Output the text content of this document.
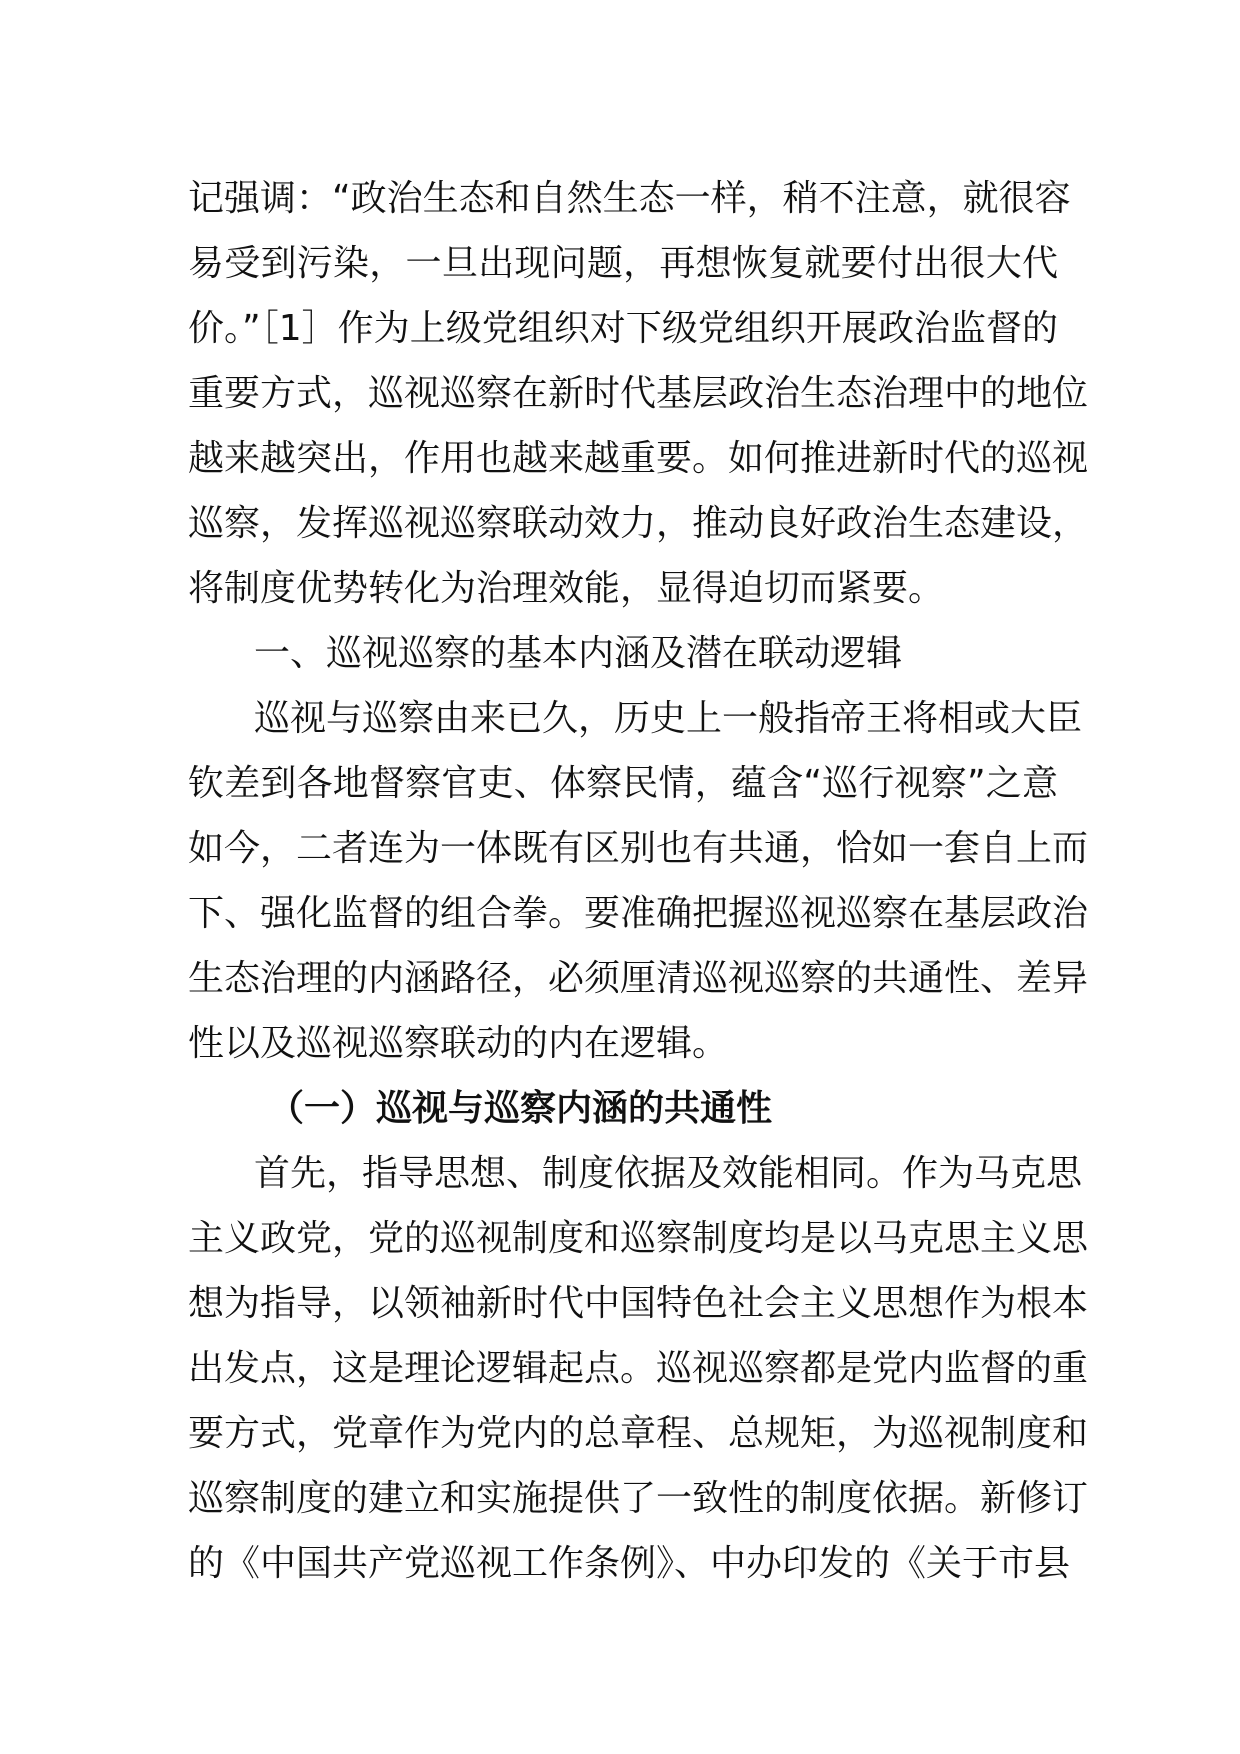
记强调：“政治生态和自然生态一样，稍不注意，就很容
易受到污染，一旦出现问题，再想恢复就要付出很大代
价。”［1］作为上级党组织对下级党组织开展政治监督的
重要方式，巡视巡察在新时代基层政治生态治理中的地位
越来越突出，作用也越来越重要。如何推进新时代的巡视
巡察，发挥巡视巡察联动效力，推动良好政治生态建设，
将制度优势转化为治理效能，显得迫切而紧要。
一、巡视巡察的基本内涵及潜在联动逻辑
巡视与巡察由来已久，历史上一般指帝王将相或大臣
钦差到各地督察官吏、体察民情，蕴含“巡行视察”之意
如今，二者连为一体既有区别也有共通，恰如一套自上而
下、强化监督的组合拳。要准确把握巡视巡察在基层政治
生态治理的内涵路径，必须厘清巡视巡察的共通性、差异
性以及巡视巡察联动的内在逻辑。
（一）巡视与巡察内涵的共通性
首先，指导思想、制度依据及效能相同。作为马克思
主义政党，党的巡视制度和巡察制度均是以马克思主义思
想为指导，以领袖新时代中国特色社会主义思想作为根本
出发点，这是理论逻辑起点。巡视巡察都是党内监督的重
要方式，党章作为党内的总章程、总规矩，为巡视制度和
巡察制度的建立和实施提供了一致性的制度依据。新修订
的《中国共产党巡视工作条例》、中办印发的《关于市县
